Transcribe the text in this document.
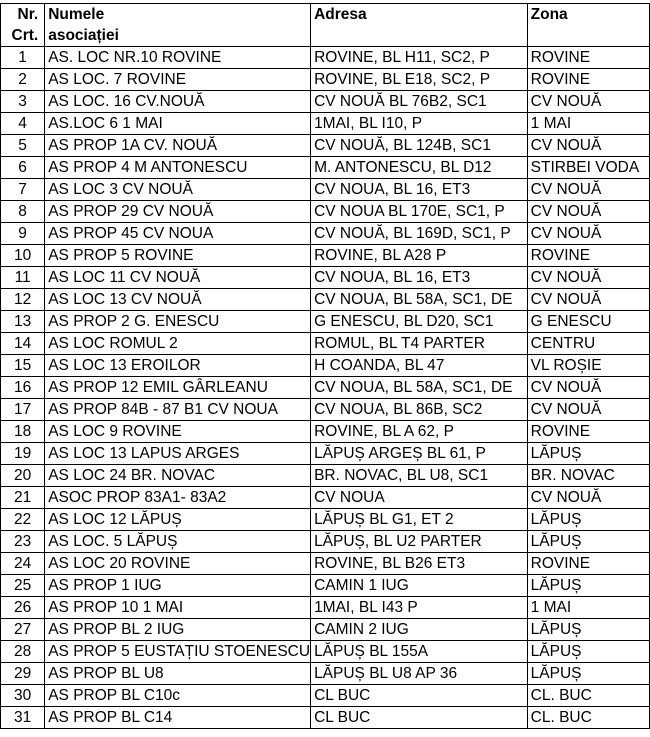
Nr.	Numele	Adresa	Zona
Crt.	asociației		
1	AS. LOC NR.10 ROVINE	ROVINE, BL H11, SC2, P	ROVINE
2	AS LOC. 7 ROVINE	ROVINE, BL E18, SC2, P	ROVINE
3	AS LOC. 16 CV.NOUĂ	CV NOUĂ BL 76B2, SC1	CV NOUĂ
4	AS.LOC 6 1 MAI	1MAI, BL I10, P	1 MAI
5	AS PROP 1A CV. NOUĂ	CV NOUĂ, BL 124B, SC1	CV NOUĂ
6	AS PROP 4 M ANTONESCU	M. ANTONESCU, BL D12	STIRBEI VODA
7	AS LOC 3 CV NOUĂ	CV NOUA, BL 16, ET3	CV NOUĂ
8	AS PROP 29 CV NOUĂ	CV NOUA BL 170E, SC1, P	CV NOUĂ
9	AS PROP 45 CV NOUA	CV NOUĂ, BL 169D, SC1, P	CV NOUĂ
10	AS PROP 5 ROVINE	ROVINE, BL A28 P	ROVINE
11	AS LOC 11 CV NOUĂ	CV NOUA, BL 16, ET3	CV NOUĂ
12	AS LOC 13 CV NOUĂ	CV NOUA, BL 58A, SC1, DE	CV NOUĂ
13	AS PROP 2 G. ENESCU	G ENESCU, BL D20, SC1	G ENESCU
14	AS LOC ROMUL 2	ROMUL, BL T4 PARTER	CENTRU
15	AS LOC 13 EROILOR	H COANDA, BL 47	VL ROȘIE
16	AS PROP 12 EMIL GÂRLEANU	CV NOUA, BL 58A, SC1, DE	CV NOUĂ
17	AS PROP 84B - 87 B1 CV NOUA	CV NOUA, BL 86B, SC2	CV NOUĂ
18	AS LOC 9 ROVINE	ROVINE, BL A 62, P	ROVINE
19	AS LOC 13 LAPUS ARGES	LĂPUȘ ARGEȘ BL 61, P	LĂPUȘ
20	AS LOC 24 BR. NOVAC	BR. NOVAC, BL U8, SC1	BR. NOVAC
21	ASOC PROP 83A1- 83A2	CV NOUA	CV NOUĂ
22	AS LOC 12 LĂPUȘ	LĂPUȘ BL G1, ET 2	LĂPUȘ
23	AS LOC. 5 LĂPUȘ	LĂPUȘ, BL U2 PARTER	LĂPUȘ
24	AS LOC 20 ROVINE	ROVINE, BL B26 ET3	ROVINE
25	AS PROP 1 IUG	CAMIN 1 IUG	LĂPUȘ
26	AS PROP 10 1 MAI	1MAI, BL I43 P	1 MAI
27	AS PROP BL 2 IUG	CAMIN 2 IUG	LĂPUȘ
28	AS PROP 5 EUSTAȚIU STOENESCU	LĂPUȘ BL 155A	LĂPUȘ
29	AS PROP BL U8	LĂPUȘ BL U8 AP 36	LĂPUȘ
30	AS PROP BL C10c	CL BUC	CL. BUC
31	AS PROP BL C14	CL BUC	CL. BUC
